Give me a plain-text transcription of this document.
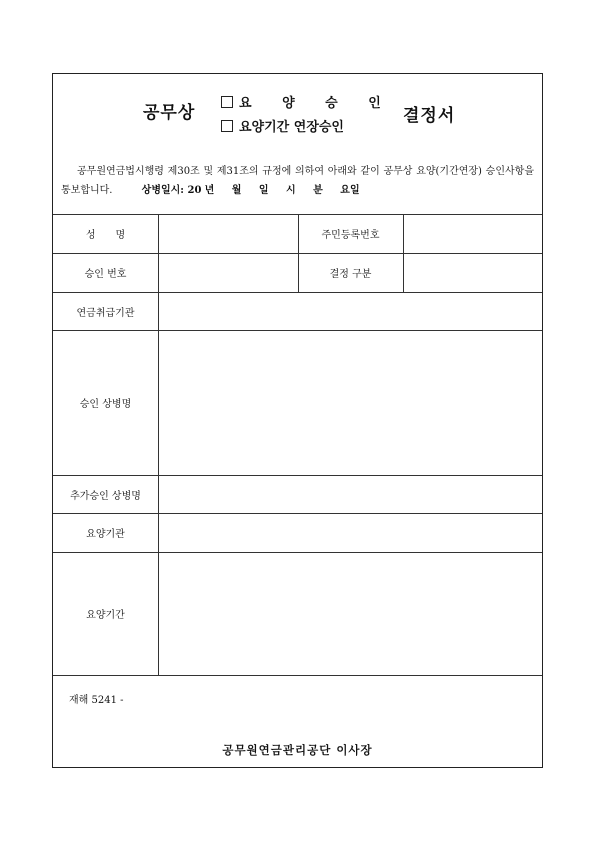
공무상	요 양 승 인
요양기간 연장승인
결정서
공무원연금법시행령 제30조 및 제31조의 규정에 의하여 아래와 같이 공무상 요양(기간연장) 승인사항을 통보합니다.	상병일시: 20 년 월 일 시 분 요일
성명	주민등록번호
승인 번호	결정 구분
연금취급기관
승인 상병명
추가승인 상병명
요양기관
요양기간
재해 5241 -
공무원연금관리공단 이사장
